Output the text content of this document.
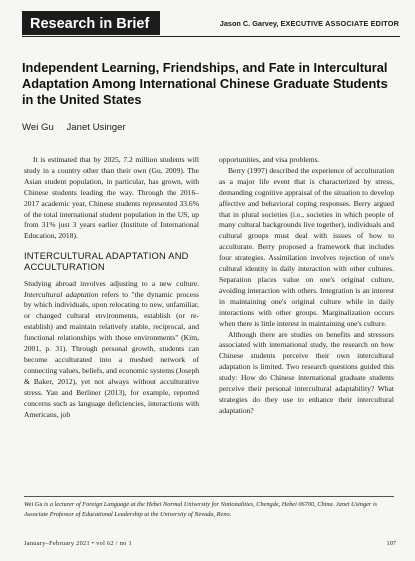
Research in Brief	Jason C. Garvey, EXECUTIVE ASSOCIATE EDITOR
Independent Learning, Friendships, and Fate in Intercultural Adaptation Among International Chinese Graduate Students in the United States
Wei Gu Janet Usinger

It is estimated that by 2025, 7.2 million students will study in a country other than their own (Gu, 2009). The Asian student population, in particular, has grown, with Chinese students leading the way. Through the 2016–2017 academic year, Chinese students represented 33.6% of the total international student population in the US, up from 31% just 3 years earlier (Institute of International Education, 2018).

INTERCULTURAL ADAPTATION AND ACCULTURATION

Studying abroad involves adjusting to a new culture. Intercultural adaptation refers to "the dynamic process by which individuals, upon relocating to new, unfamiliar, or changed cultural environments, establish (or re-establish) and maintain relatively stable, reciprocal, and functional relationships with those environments" (Kim, 2001, p. 31). Through personal growth, students can become acculturated into a meshed network of connecting values, beliefs, and economic systems (Joseph & Baker, 2012), yet not always without acculturative stress. Yan and Berliner (2013), for example, reported concerns such as language deficiencies, interactions with Americans, job

opportunities, and visa problems.

Berry (1997) described the experience of acculturation as a major life event that is characterized by stress, demanding cognitive appraisal of the situation to develop affective and behavioral coping responses. Berry argued that in plural societies (i.e., societies in which people of many cultural backgrounds live together), individuals and cultural groups must deal with issues of how to acculturate. Berry proposed a framework that includes four strategies. Assimilation involves rejection of one's cultural identity in daily interaction with other cultures. Separation places value on one's original culture, avoiding interaction with others. Integration is an interest in maintaining one's original culture while in daily interactions with other groups. Marginalization occurs when there is little interest in maintaining one's culture.

Although there are studies on benefits and stressors associated with international study, the research on how Chinese students perceive their own intercultural adaptation is limited. Two research questions guided this study: How do Chinese international graduate students perceive their personal intercultural adaptability? What strategies do they use to enhance their intercultural adaptation?

Wei Gu is a lecturer of Foreign Language at the Hebei Normal University for Nationalities, Chengde, Hebei 06700, China. Janet Usinger is Associate Professor of Educational Leadership at the University of Nevada, Reno.

January–February 2021 • vol 62 / no 1	107
